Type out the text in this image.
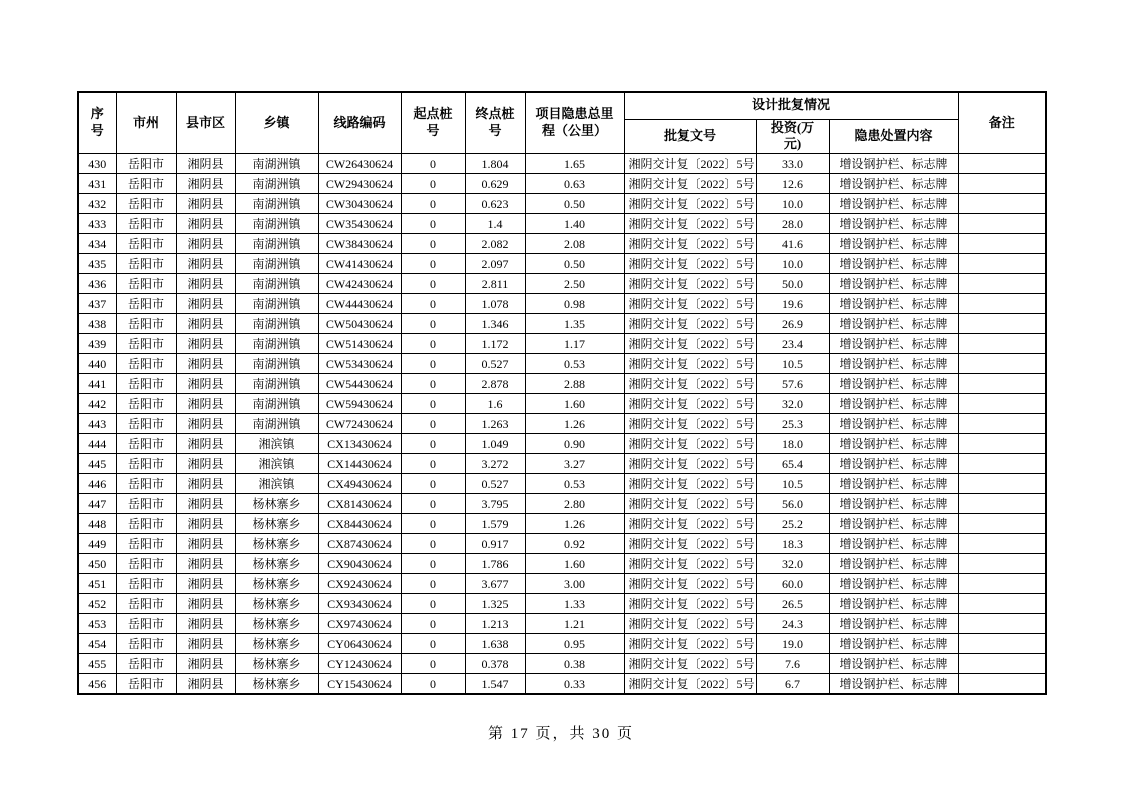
序号	市州	县市区	乡镇	线路编码	起点桩号	终点桩号	项目隐患总里程（公里）	设计批复情况			备注
								批复文号	投资(万元)	隐患处置内容	
430	岳阳市	湘阴县	南湖洲镇	CW26430624	0	1.804	1.65	湘阴交计复〔2022〕5号	33.0	增设钢护栏、标志牌	
431	岳阳市	湘阴县	南湖洲镇	CW29430624	0	0.629	0.63	湘阴交计复〔2022〕5号	12.6	增设钢护栏、标志牌	
432	岳阳市	湘阴县	南湖洲镇	CW30430624	0	0.623	0.50	湘阴交计复〔2022〕5号	10.0	增设钢护栏、标志牌	
433	岳阳市	湘阴县	南湖洲镇	CW35430624	0	1.4	1.40	湘阴交计复〔2022〕5号	28.0	增设钢护栏、标志牌	
434	岳阳市	湘阴县	南湖洲镇	CW38430624	0	2.082	2.08	湘阴交计复〔2022〕5号	41.6	增设钢护栏、标志牌	
435	岳阳市	湘阴县	南湖洲镇	CW41430624	0	2.097	0.50	湘阴交计复〔2022〕5号	10.0	增设钢护栏、标志牌	
436	岳阳市	湘阴县	南湖洲镇	CW42430624	0	2.811	2.50	湘阴交计复〔2022〕5号	50.0	增设钢护栏、标志牌	
437	岳阳市	湘阴县	南湖洲镇	CW44430624	0	1.078	0.98	湘阴交计复〔2022〕5号	19.6	增设钢护栏、标志牌	
438	岳阳市	湘阴县	南湖洲镇	CW50430624	0	1.346	1.35	湘阴交计复〔2022〕5号	26.9	增设钢护栏、标志牌	
439	岳阳市	湘阴县	南湖洲镇	CW51430624	0	1.172	1.17	湘阴交计复〔2022〕5号	23.4	增设钢护栏、标志牌	
440	岳阳市	湘阴县	南湖洲镇	CW53430624	0	0.527	0.53	湘阴交计复〔2022〕5号	10.5	增设钢护栏、标志牌	
441	岳阳市	湘阴县	南湖洲镇	CW54430624	0	2.878	2.88	湘阴交计复〔2022〕5号	57.6	增设钢护栏、标志牌	
442	岳阳市	湘阴县	南湖洲镇	CW59430624	0	1.6	1.60	湘阴交计复〔2022〕5号	32.0	增设钢护栏、标志牌	
443	岳阳市	湘阴县	南湖洲镇	CW72430624	0	1.263	1.26	湘阴交计复〔2022〕5号	25.3	增设钢护栏、标志牌	
444	岳阳市	湘阴县	湘滨镇	CX13430624	0	1.049	0.90	湘阴交计复〔2022〕5号	18.0	增设钢护栏、标志牌	
445	岳阳市	湘阴县	湘滨镇	CX14430624	0	3.272	3.27	湘阴交计复〔2022〕5号	65.4	增设钢护栏、标志牌	
446	岳阳市	湘阴县	湘滨镇	CX49430624	0	0.527	0.53	湘阴交计复〔2022〕5号	10.5	增设钢护栏、标志牌	
447	岳阳市	湘阴县	杨林寨乡	CX81430624	0	3.795	2.80	湘阴交计复〔2022〕5号	56.0	增设钢护栏、标志牌	
448	岳阳市	湘阴县	杨林寨乡	CX84430624	0	1.579	1.26	湘阴交计复〔2022〕5号	25.2	增设钢护栏、标志牌	
449	岳阳市	湘阴县	杨林寨乡	CX87430624	0	0.917	0.92	湘阴交计复〔2022〕5号	18.3	增设钢护栏、标志牌	
450	岳阳市	湘阴县	杨林寨乡	CX90430624	0	1.786	1.60	湘阴交计复〔2022〕5号	32.0	增设钢护栏、标志牌	
451	岳阳市	湘阴县	杨林寨乡	CX92430624	0	3.677	3.00	湘阴交计复〔2022〕5号	60.0	增设钢护栏、标志牌	
452	岳阳市	湘阴县	杨林寨乡	CX93430624	0	1.325	1.33	湘阴交计复〔2022〕5号	26.5	增设钢护栏、标志牌	
453	岳阳市	湘阴县	杨林寨乡	CX97430624	0	1.213	1.21	湘阴交计复〔2022〕5号	24.3	增设钢护栏、标志牌	
454	岳阳市	湘阴县	杨林寨乡	CY06430624	0	1.638	0.95	湘阴交计复〔2022〕5号	19.0	增设钢护栏、标志牌	
455	岳阳市	湘阴县	杨林寨乡	CY12430624	0	0.378	0.38	湘阴交计复〔2022〕5号	7.6	增设钢护栏、标志牌	
456	岳阳市	湘阴县	杨林寨乡	CY15430624	0	1.547	0.33	湘阴交计复〔2022〕5号	6.7	增设钢护栏、标志牌	
第 17 页，共 30 页
